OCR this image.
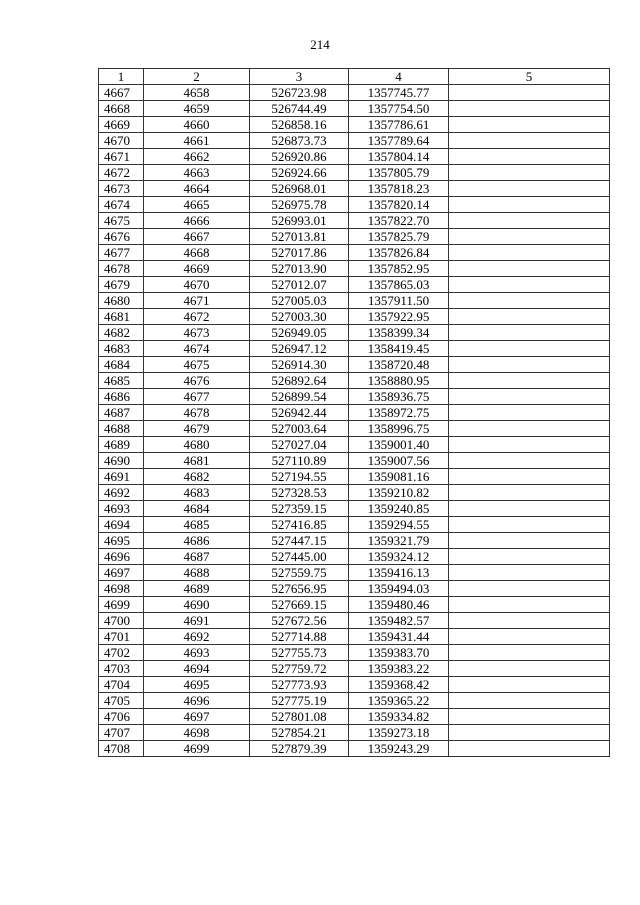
214
1	2	3	4	5
4667	4658	526723.98	1357745.77	
4668	4659	526744.49	1357754.50	
4669	4660	526858.16	1357786.61	
4670	4661	526873.73	1357789.64	
4671	4662	526920.86	1357804.14	
4672	4663	526924.66	1357805.79	
4673	4664	526968.01	1357818.23	
4674	4665	526975.78	1357820.14	
4675	4666	526993.01	1357822.70	
4676	4667	527013.81	1357825.79	
4677	4668	527017.86	1357826.84	
4678	4669	527013.90	1357852.95	
4679	4670	527012.07	1357865.03	
4680	4671	527005.03	1357911.50	
4681	4672	527003.30	1357922.95	
4682	4673	526949.05	1358399.34	
4683	4674	526947.12	1358419.45	
4684	4675	526914.30	1358720.48	
4685	4676	526892.64	1358880.95	
4686	4677	526899.54	1358936.75	
4687	4678	526942.44	1358972.75	
4688	4679	527003.64	1358996.75	
4689	4680	527027.04	1359001.40	
4690	4681	527110.89	1359007.56	
4691	4682	527194.55	1359081.16	
4692	4683	527328.53	1359210.82	
4693	4684	527359.15	1359240.85	
4694	4685	527416.85	1359294.55	
4695	4686	527447.15	1359321.79	
4696	4687	527445.00	1359324.12	
4697	4688	527559.75	1359416.13	
4698	4689	527656.95	1359494.03	
4699	4690	527669.15	1359480.46	
4700	4691	527672.56	1359482.57	
4701	4692	527714.88	1359431.44	
4702	4693	527755.73	1359383.70	
4703	4694	527759.72	1359383.22	
4704	4695	527773.93	1359368.42	
4705	4696	527775.19	1359365.22	
4706	4697	527801.08	1359334.82	
4707	4698	527854.21	1359273.18	
4708	4699	527879.39	1359243.29	
